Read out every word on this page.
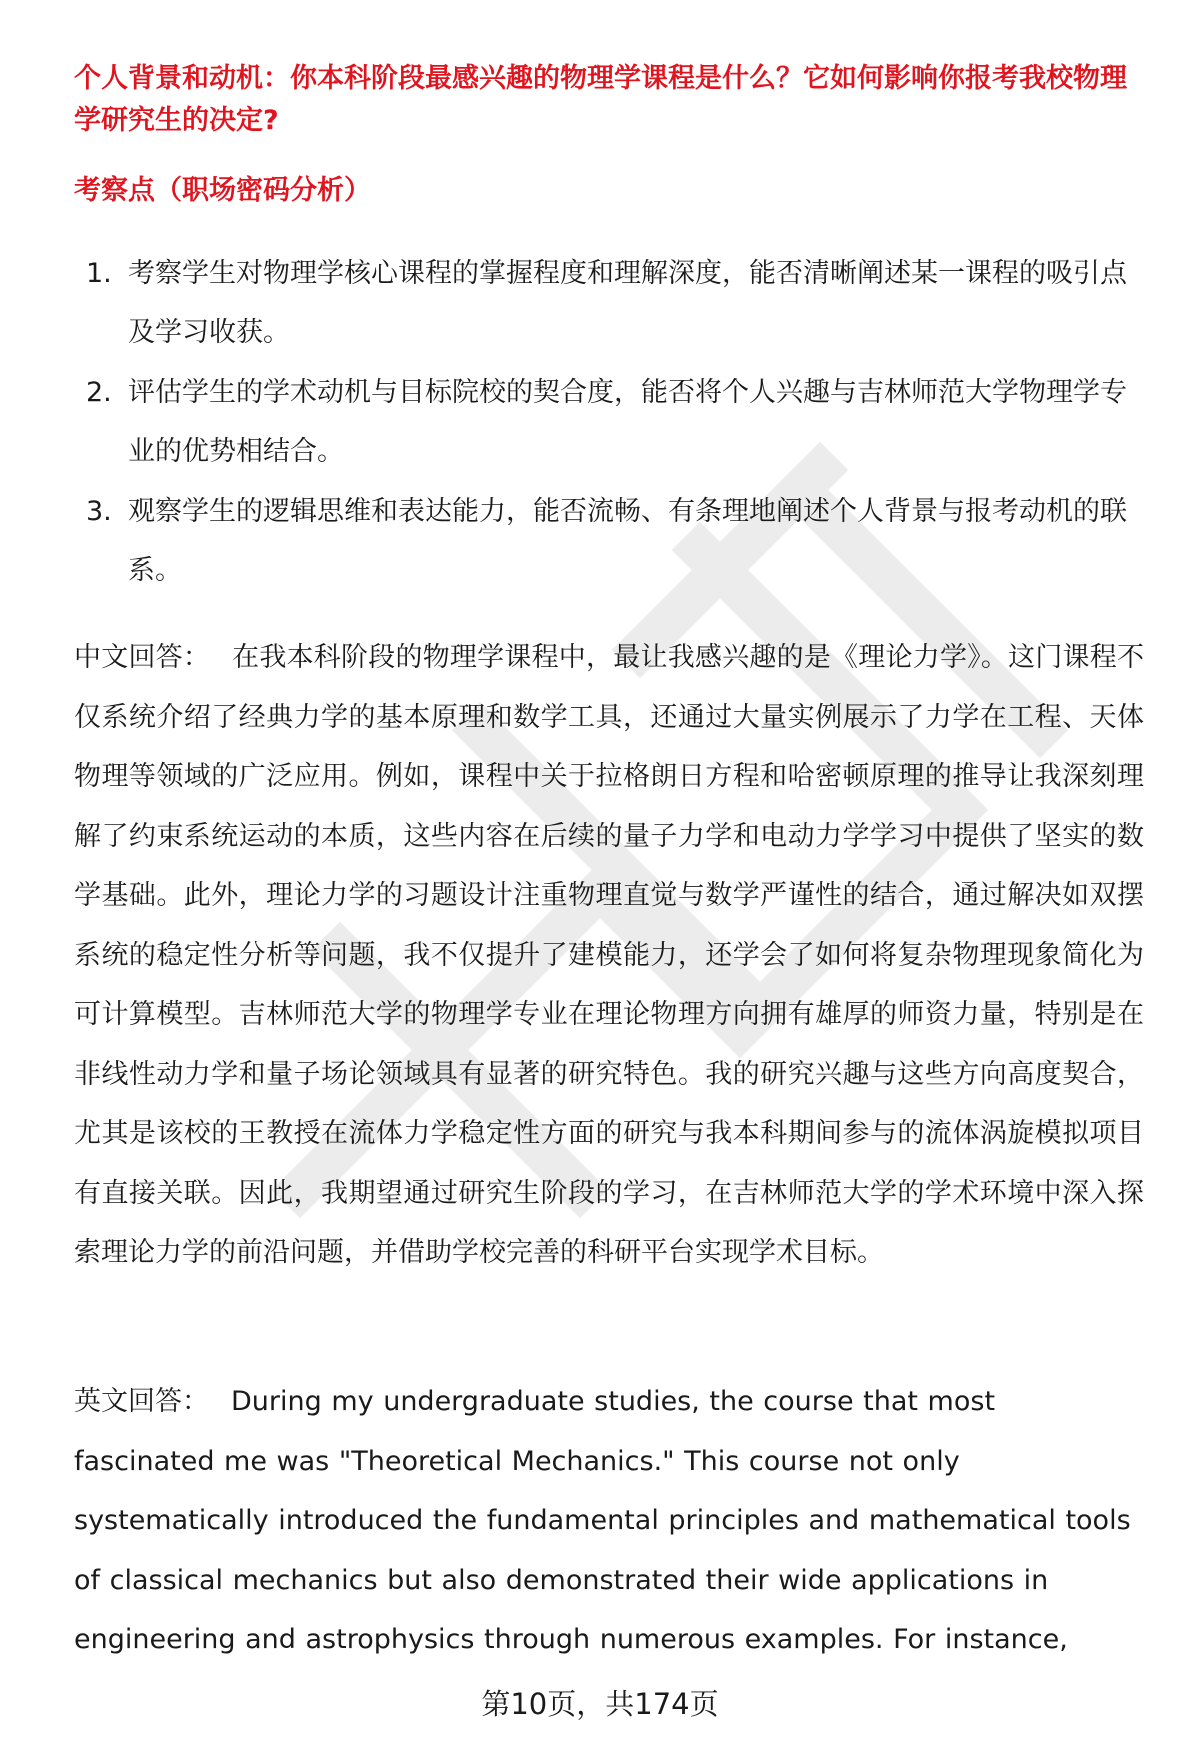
个人背景和动机：你本科阶段最感兴趣的物理学课程是什么？它如何影响你报考我校物理学研究生的决定?

考察点（职场密码分析）

1. 考察学生对物理学核心课程的掌握程度和理解深度，能否清晰阐述某一课程的吸引点及学习收获。
2. 评估学生的学术动机与目标院校的契合度，能否将个人兴趣与吉林师范大学物理学专业的优势相结合。
3. 观察学生的逻辑思维和表达能力，能否流畅、有条理地阐述个人背景与报考动机的联系。

中文回答： 在我本科阶段的物理学课程中，最让我感兴趣的是《理论力学》。这门课程不仅系统介绍了经典力学的基本原理和数学工具，还通过大量实例展示了力学在工程、天体物理等领域的广泛应用。例如，课程中关于拉格朗日方程和哈密顿原理的推导让我深刻理解了约束系统运动的本质，这些内容在后续的量子力学和电动力学学习中提供了坚实的数学基础。此外，理论力学的习题设计注重物理直觉与数学严谨性的结合，通过解决如双摆系统的稳定性分析等问题，我不仅提升了建模能力，还学会了如何将复杂物理现象简化为可计算模型。吉林师范大学的物理学专业在理论物理方向拥有雄厚的师资力量，特别是在非线性动力学和量子场论领域具有显著的研究特色。我的研究兴趣与这些方向高度契合，尤其是该校的王教授在流体力学稳定性方面的研究与我本科期间参与的流体涡旋模拟项目有直接关联。因此，我期望通过研究生阶段的学习，在吉林师范大学的学术环境中深入探索理论力学的前沿问题，并借助学校完善的科研平台实现学术目标。

英文回答： During my undergraduate studies, the course that most fascinated me was "Theoretical Mechanics." This course not only systematically introduced the fundamental principles and mathematical tools of classical mechanics but also demonstrated their wide applications in engineering and astrophysics through numerous examples. For instance,

第10页，共174页
